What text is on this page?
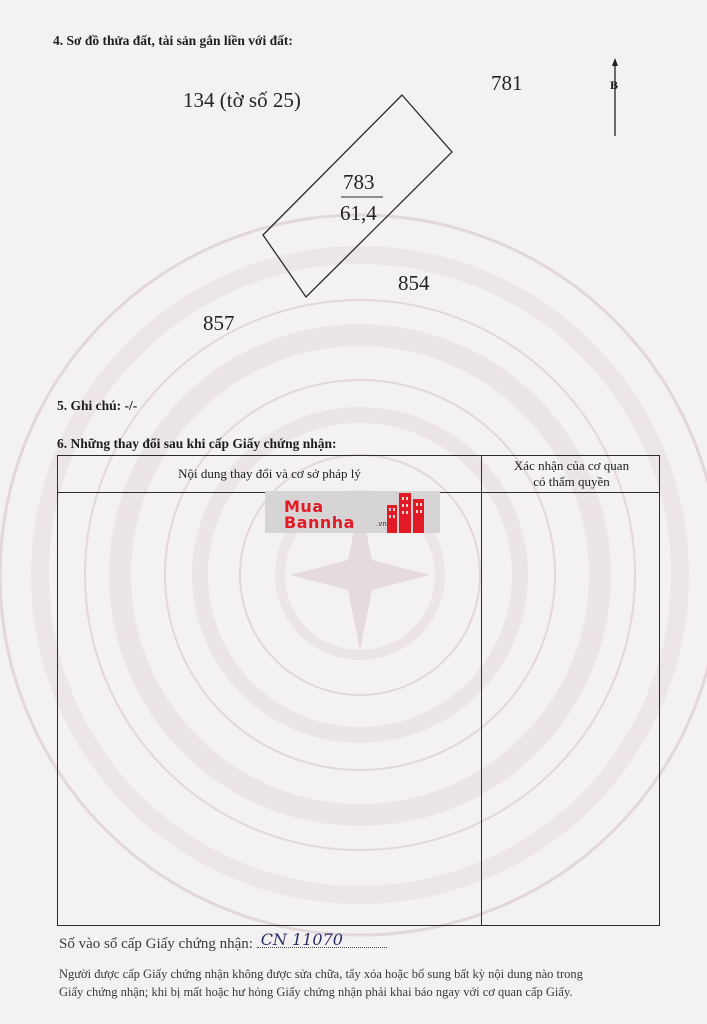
4. Sơ đồ thửa đất, tài sản gắn liền với đất:
134 (tờ số 25)
781
783
61,4
854
857
B
5. Ghi chú: -/-
6. Những thay đổi sau khi cấp Giấy chứng nhận:
Nội dung thay đổi và cơ sở pháp lý
Xác nhận của cơ quan
có thẩm quyền
Mua
Bannha	.vn
Số vào sổ cấp Giấy chứng nhận: CN 11070
Người được cấp Giấy chứng nhận không được sửa chữa, tẩy xóa hoặc bổ sung bất kỳ nội dung nào trong
Giấy chứng nhận; khi bị mất hoặc hư hỏng Giấy chứng nhận phải khai báo ngay với cơ quan cấp Giấy.
